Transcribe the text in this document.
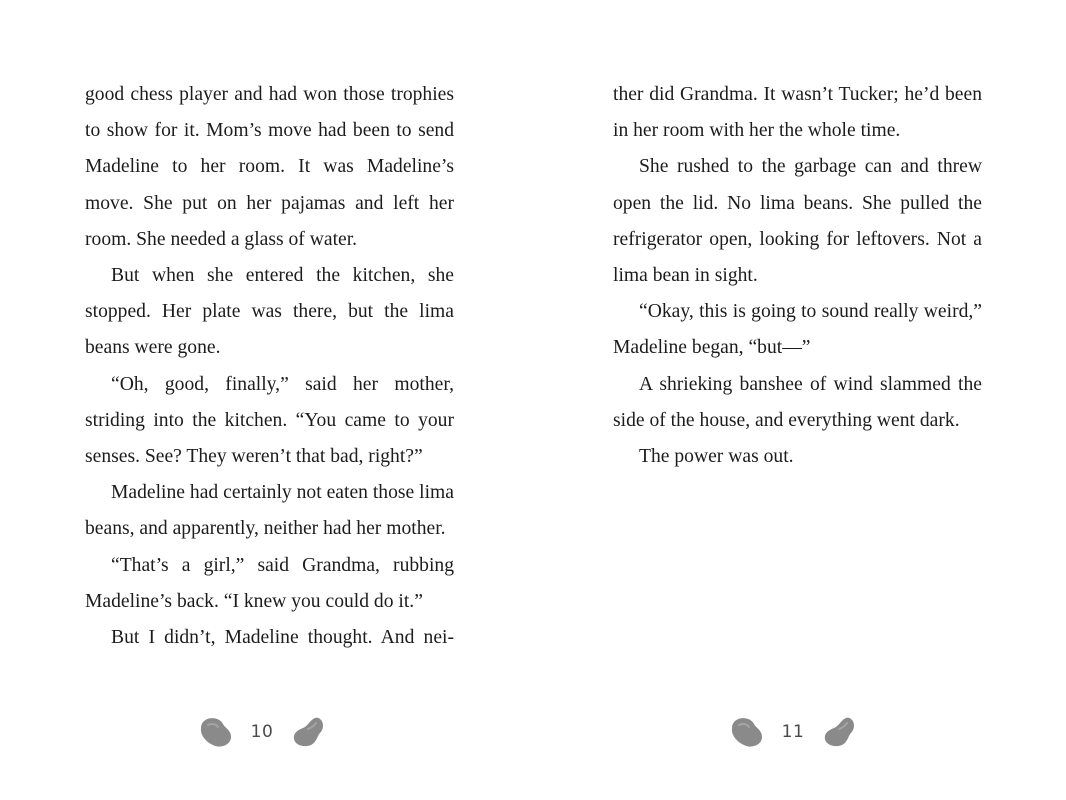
good chess player and had won those trophies to show for it. Mom’s move had been to send Madeline to her room. It was Madeline’s move. She put on her pajamas and left her room. She needed a glass of water.

But when she entered the kitchen, she stopped. Her plate was there, but the lima beans were gone.

“Oh, good, finally,” said her mother, striding into the kitchen. “You came to your senses. See? They weren’t that bad, right?”

Madeline had certainly not eaten those lima beans, and apparently, neither had her mother.

“That’s a girl,” said Grandma, rubbing Madeline’s back. “I knew you could do it.”

But I didn’t, Madeline thought. And nei-

10

ther did Grandma. It wasn’t Tucker; he’d been in her room with her the whole time.

She rushed to the garbage can and threw open the lid. No lima beans. She pulled the refrigerator open, looking for leftovers. Not a lima bean in sight.

“Okay, this is going to sound really weird,” Madeline began, “but—”

A shrieking banshee of wind slammed the side of the house, and everything went dark.

The power was out.

11
